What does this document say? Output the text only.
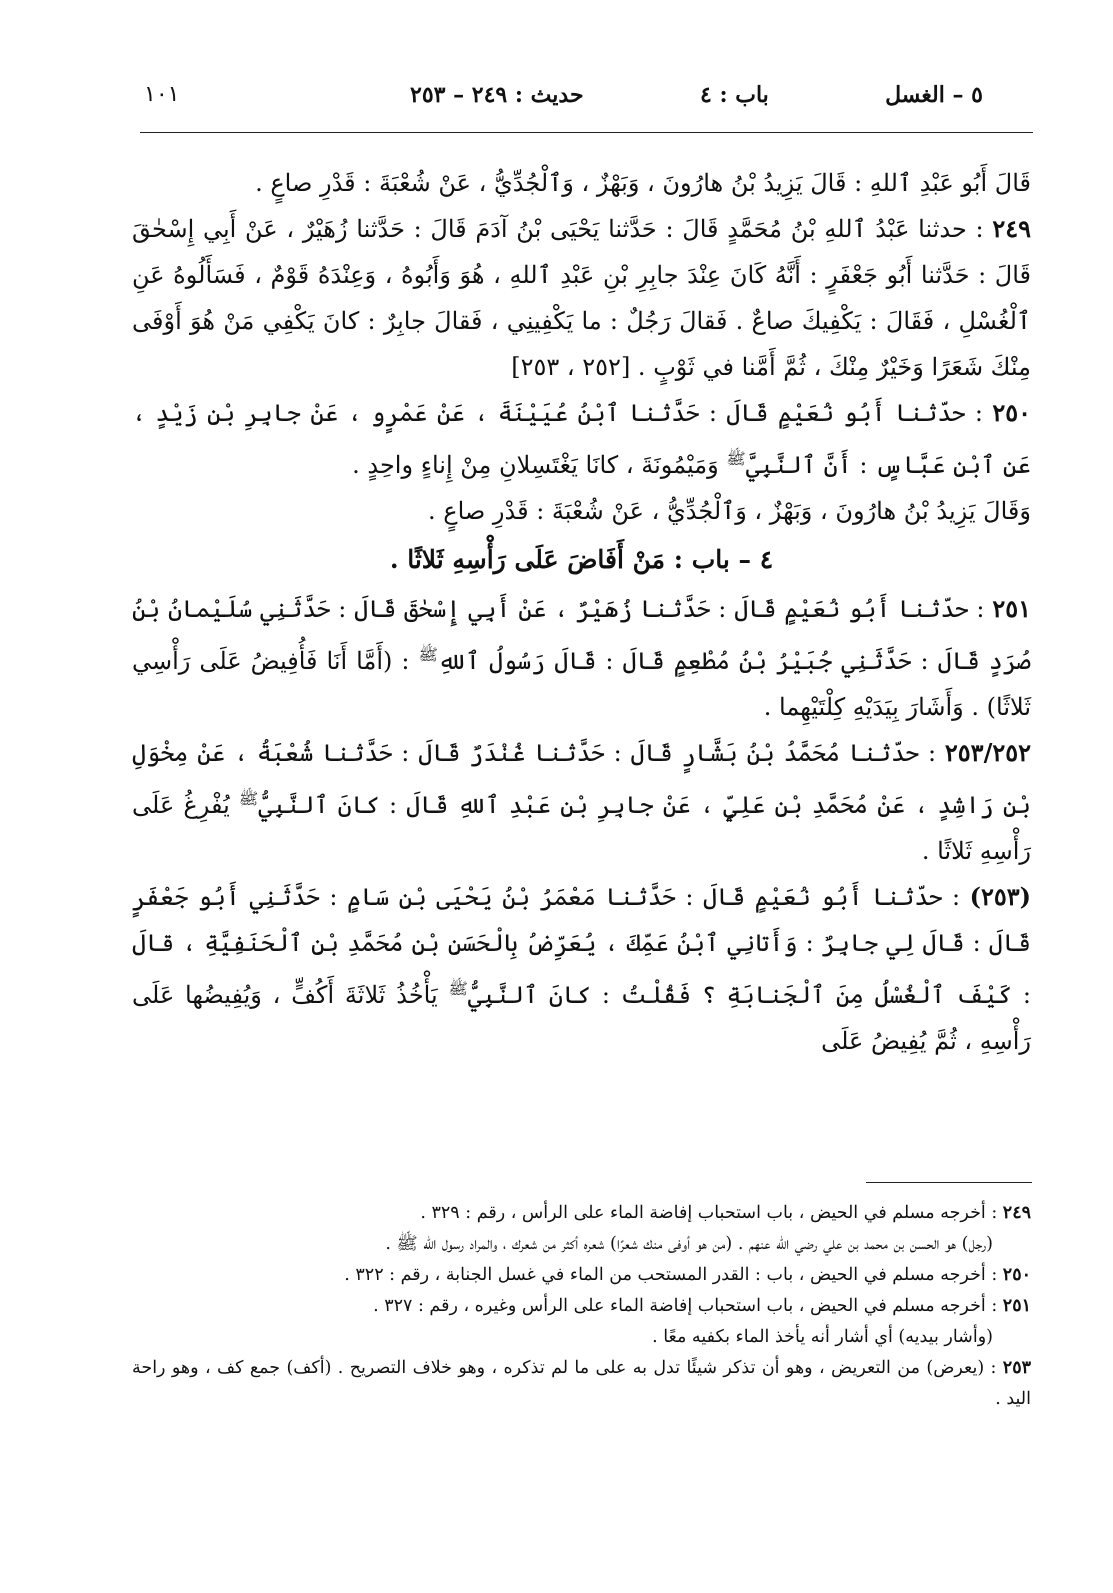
١٠١	حديث : ٢٤٩ – ٢٥٣	باب : ٤	٥ – الغسل

قَالَ أَبُو عَبْدِ ٱللهِ : قَالَ يَزِيدُ بْنُ هارُونَ ، وَبَهْزٌ ، وَٱلْجُدِّيُّ ، عَنْ شُعْبَةَ : قَدْرِ صاعٍ .

٢٤٩ : حدثنا عَبْدُ ٱللهِ بْنُ مُحَمَّدٍ قَالَ : حَدَّثنا يَحْيَى بْنُ آدَمَ قَالَ : حَدَّثنا زُهَيْرٌ ، عَنْ أَبِي إِسْحٰقَ قَالَ : حَدَّثنا أَبُو جَعْفَرٍ : أَنَّهُ كَانَ عِنْدَ جابِرِ بْنِ عَبْدِ ٱللهِ ، هُوَ وَأَبُوهُ ، وَعِنْدَهُ قَوْمٌ ، فَسَأَلُوهُ عَنِ ٱلْغُسْلِ ، فَقَالَ : يَكْفِيكَ صاعٌ . فَقالَ رَجُلٌ : ما يَكْفِينِي ، فَقالَ جابِرٌ : كانَ يَكْفِي مَنْ هُوَ أَوْفَى مِنْكَ شَعَرًا وَخَيْرٌ مِنْكَ ، ثُمَّ أَمَّنا في ثَوْبٍ . [٢٥٢ ، ٢٥٣]

٢٥٠ : حدّثنا أَبُو نُعَيْمٍ قَالَ : حَدَّثنا ٱبْنُ عُيَيْنَةَ ، عَنْ عَمْرٍو ، عَنْ جابِرِ بْنِ زَيْدٍ ، عَنِ ٱبْنِ عَبَّاسٍ : أَنَّ ٱلنَّبِيَّ$^ﷺ$ وَمَيْمُونَةَ ، كانَا يَغْتَسِلانِ مِنْ إِناءٍ واحِدٍ .

وَقَالَ يَزِيدُ بْنُ هارُونَ ، وَبَهْزٌ ، وَٱلْجُدِّيُّ ، عَنْ شُعْبَةَ : قَدْرِ صاعٍ .

٤ – باب : مَنْ أَفَاضَ عَلَى رَأْسِهِ ثَلاثًا .

٢٥١ : حدّثنا أَبُو نُعَيْمٍ قَالَ : حَدَّثنا زُهَيْرٌ ، عَنْ أَبِي إِسْحٰقَ قَالَ : حَدَّثَنِي سُلَيْمانُ بْنُ صُرَدٍ قَالَ : حَدَّثَنِي جُبَيْرُ بْنُ مُطْعِمٍ قَالَ : قَالَ رَسُولُ ٱللهِ$^ﷺ$ : (أَمَّا أَنَا فَأُفِيضُ عَلَى رَأْسِي ثَلاثًا) . وَأَشَارَ بِيَدَيْهِ كِلْتَيْهِما .

٢٥٣/٢٥٢ : حدّثنا مُحَمَّدُ بْنُ بَشَّارٍ قَالَ : حَدَّثنا غُنْدَرٌ قَالَ : حَدَّثنا شُعْبَةُ ، عَنْ مِخْوَلِ بْنِ رَاشِدٍ ، عَنْ مُحَمَّدِ بْنِ عَلِيٍّ ، عَنْ جابِرِ بْنِ عَبْدِ ٱللهِ قَالَ : كانَ ٱلنَّبِيُّ$^ﷺ$ يُفْرِغُ عَلَى رَأْسِهِ ثَلاثًا .

(٢٥٣) : حدّثنا أَبُو نُعَيْمٍ قَالَ : حَدَّثنا مَعْمَرُ بْنُ يَحْيَى بْنِ سَامٍ : حَدَّثَنِي أَبُو جَعْفَرٍ قَالَ : قَالَ لِي جابِرٌ : وَأَتانِي ٱبْنُ عَمِّكَ ، يُعَرِّضُ بِالْحَسَنِ بْنِ مُحَمَّدِ بْنِ ٱلْحَنَفِيَّةِ ، قالَ : كَيْفَ ٱلْغُسْلُ مِنَ ٱلْجَنابَةِ ؟ فَقُلْتُ : كانَ ٱلنَّبِيُّ$^ﷺ$ يَأْخُذُ ثَلاثَةَ أَكُفٍّ ، وَيُفِيضُها عَلَى رَأْسِهِ ، ثُمَّ يُفِيضُ عَلَى

٢٤٩ : أخرجه مسلم في الحيض ، باب استحباب إفاضة الماء على الرأس ، رقم : ٣٢٩ .

(رجل) هو الحسن بن محمد بن علي رضي الله عنهم . (من هو أوفى منك شعرًا) شعره أكثر من شعرك ، والمراد رسول الله ﷺ .

٢٥٠ : أخرجه مسلم في الحيض ، باب : القدر المستحب من الماء في غسل الجنابة ، رقم : ٣٢٢ .

٢٥١ : أخرجه مسلم في الحيض ، باب استحباب إفاضة الماء على الرأس وغيره ، رقم : ٣٢٧ .

(وأشار بيديه) أي أشار أنه يأخذ الماء بكفيه معًا .

٢٥٣ : (يعرض) من التعريض ، وهو أن تذكر شيئًا تدل به على ما لم تذكره ، وهو خلاف التصريح . (أكف) جمع كف ، وهو راحة اليد .
